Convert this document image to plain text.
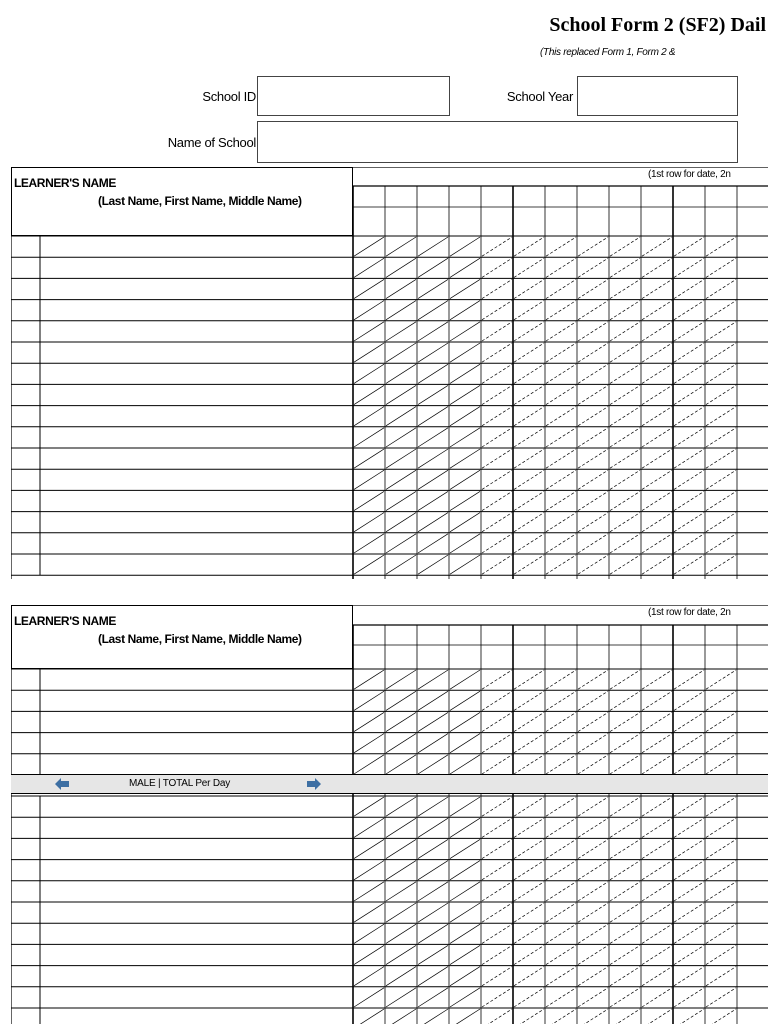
School Form 2 (SF2) Dail
(This replaced Form 1, Form 2 &
School ID	School Year
Name of School
LEARNER'S NAME
(Last Name, First Name, Middle Name)
(1st row for date, 2n
LEARNER'S NAME
(Last Name, First Name, Middle Name)
(1st row for date, 2n
MALE | TOTAL Per Day
